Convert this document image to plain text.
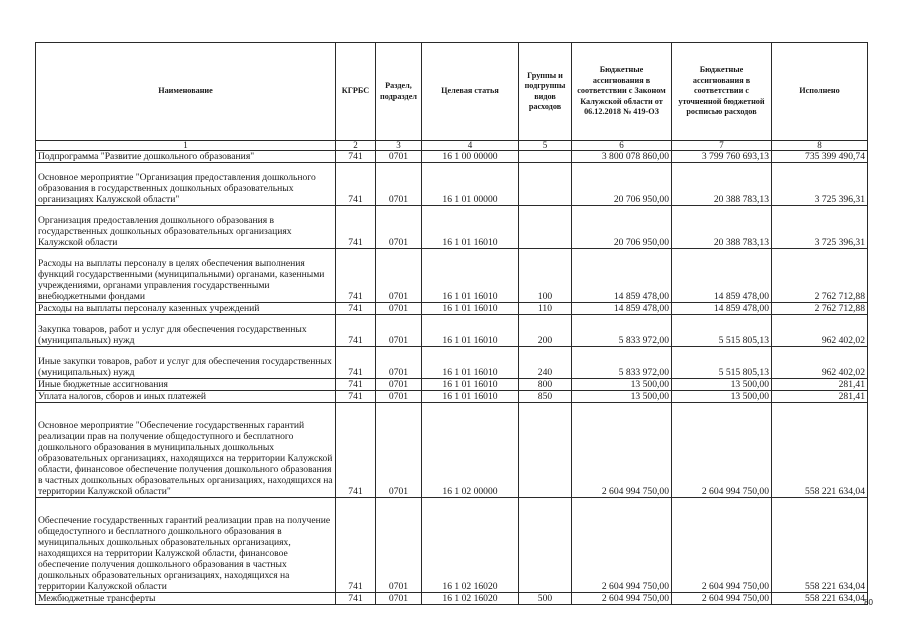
Наименование	КГРБС	Раздел, подраздел	Целевая статья	Группы и подгруппы видов расходов	Бюджетные ассигнования в соответствии с Законом Калужской области от 06.12.2018 № 419-ОЗ	Бюджетные ассигнования в соответствии с уточненной бюджетной росписью расходов	Исполнено
1	2	3	4	5	6	7	8
Подпрограмма "Развитие дошкольного образования"	741	0701	16 1 00 00000		3 800 078 860,00	3 799 760 693,13	735 399 490,74
Основное мероприятие "Организация предоставления дошкольного образования в государственных дошкольных образовательных организациях Калужской области"	741	0701	16 1 01 00000		20 706 950,00	20 388 783,13	3 725 396,31
Организация предоставления дошкольного образования в государственных дошкольных образовательных организациях Калужской области	741	0701	16 1 01 16010		20 706 950,00	20 388 783,13	3 725 396,31
Расходы на выплаты персоналу в целях обеспечения выполнения функций государственными (муниципальными) органами, казенными учреждениями, органами управления государственными внебюджетными фондами	741	0701	16 1 01 16010	100	14 859 478,00	14 859 478,00	2 762 712,88
Расходы на выплаты персоналу казенных учреждений	741	0701	16 1 01 16010	110	14 859 478,00	14 859 478,00	2 762 712,88
Закупка товаров, работ и услуг для обеспечения государственных (муниципальных) нужд	741	0701	16 1 01 16010	200	5 833 972,00	5 515 805,13	962 402,02
Иные закупки товаров, работ и услуг для обеспечения государственных (муниципальных) нужд	741	0701	16 1 01 16010	240	5 833 972,00	5 515 805,13	962 402,02
Иные бюджетные ассигнования	741	0701	16 1 01 16010	800	13 500,00	13 500,00	281,41
Уплата налогов, сборов и иных платежей	741	0701	16 1 01 16010	850	13 500,00	13 500,00	281,41
Основное мероприятие "Обеспечение государственных гарантий реализации прав на получение общедоступного и бесплатного дошкольного образования в муниципальных дошкольных образовательных организациях, находящихся на территории Калужской области, финансовое обеспечение получения дошкольного образования в частных дошкольных образовательных организациях, находящихся на территории Калужской области"	741	0701	16 1 02 00000		2 604 994 750,00	2 604 994 750,00	558 221 634,04
Обеспечение государственных гарантий реализации прав на получение общедоступного и бесплатного дошкольного образования в муниципальных дошкольных образовательных организациях, находящихся на территории Калужской области, финансовое обеспечение получения дошкольного образования в частных дошкольных образовательных организациях, находящихся на территории Калужской области	741	0701	16 1 02 16020		2 604 994 750,00	2 604 994 750,00	558 221 634,04
Межбюджетные трансферты	741	0701	16 1 02 16020	500	2 604 994 750,00	2 604 994 750,00	558 221 634,04 80
